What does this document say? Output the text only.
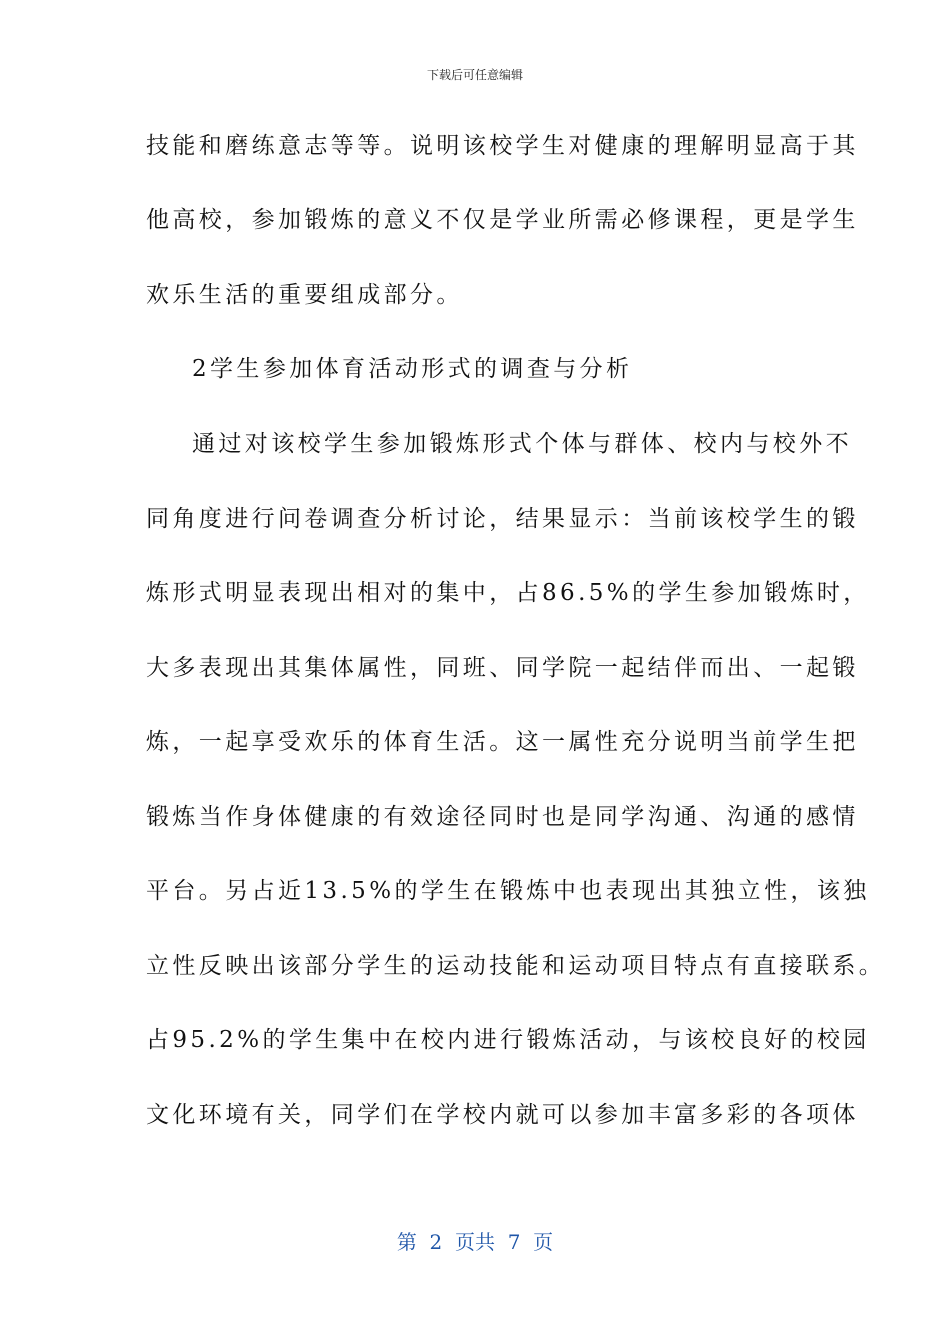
下载后可任意编辑
技能和磨练意志等等。说明该校学生对健康的理解明显高于其
他高校，参加锻炼的意义不仅是学业所需必修课程，更是学生
欢乐生活的重要组成部分。
2学生参加体育活动形式的调查与分析
通过对该校学生参加锻炼形式个体与群体、校内与校外不
同角度进行问卷调查分析讨论，结果显示：当前该校学生的锻
炼形式明显表现出相对的集中，占86.5%的学生参加锻炼时，
大多表现出其集体属性，同班、同学院一起结伴而出、一起锻
炼，一起享受欢乐的体育生活。这一属性充分说明当前学生把
锻炼当作身体健康的有效途径同时也是同学沟通、沟通的感情
平台。另占近13.5%的学生在锻炼中也表现出其独立性，该独
立性反映出该部分学生的运动技能和运动项目特点有直接联系。
占95.2%的学生集中在校内进行锻炼活动，与该校良好的校园
文化环境有关，同学们在学校内就可以参加丰富多彩的各项体
第  2  页共  7  页
